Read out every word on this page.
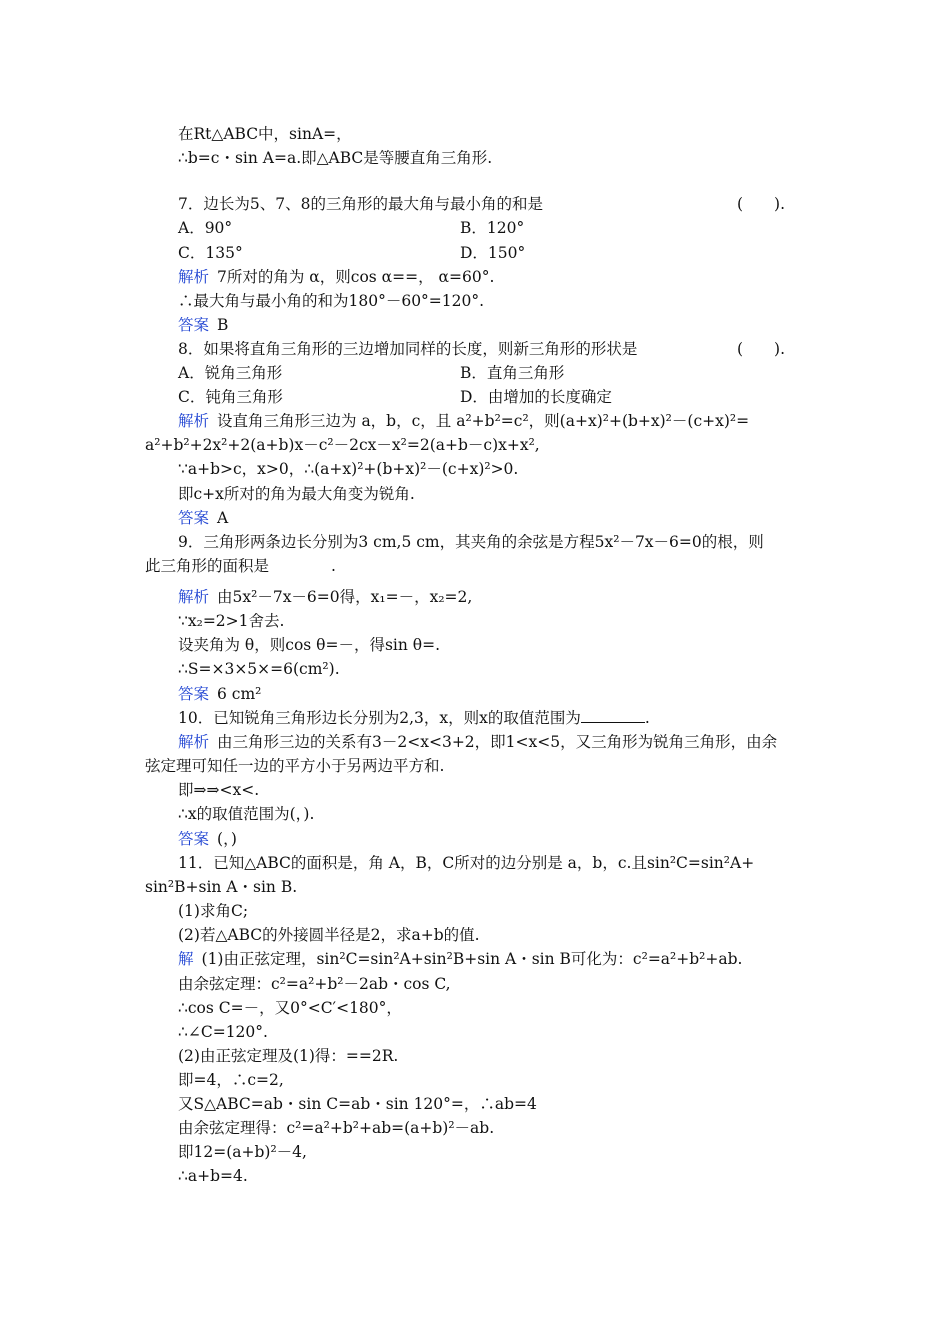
在Rt△ABC中，sinA=，
∴b=c・sin A=a.即△ABC是等腰直角三角形.
7．边长为5、7、8的三角形的最大角与最小角的和是	(　　).
A．90°	B．120°
C．135°	D．150°
解析 7所对的角为 α，则cos α==， α=60°.
∴最大角与最小角的和为180°－60°=120°.
答案 B
8．如果将直角三角形的三边增加同样的长度，则新三角形的形状是	(　　).
A．锐角三角形	B．直角三角形
C．钝角三角形	D．由增加的长度确定
解析 设直角三角形三边为 a，b，c，且 a²+b²=c²，则(a+x)²+(b+x)²－(c+x)²=
a²+b²+2x²+2(a+b)x－c²－2cx－x²=2(a+b－c)x+x²,
∵a+b>c，x>0，∴(a+x)²+(b+x)²－(c+x)²>0.
即c+x所对的角为最大角变为锐角.
答案 A
9．三角形两条边长分别为3 cm,5 cm，其夹角的余弦是方程5x²－7x－6=0的根，则
此三角形的面积是　　　　.
解析 由5x²－7x－6=0得，x₁=－，x₂=2,
∵x₂=2>1舍去.
设夹角为 θ，则cos θ=－，得sin θ=.
∴S=×3×5×=6(cm²).
答案 6 cm²
10．已知锐角三角形边长分别为2,3，x，则x的取值范围为	.
解析 由三角形三边的关系有3－2<x<3+2，即1<x<5，又三角形为锐角三角形，由余
弦定理可知任一边的平方小于另两边平方和.
即⇒⇒<x<.
∴x的取值范围为(，).
答案 (，)
11．已知△ABC的面积是，角 A，B，C所对的边分别是 a，b，c.且sin²C=sin²A+
sin²B+sin A・sin B.
(1)求角C;
(2)若△ABC的外接圆半径是2，求a+b的值.
解 (1)由正弦定理，sin²C=sin²A+sin²B+sin A・sin B可化为：c²=a²+b²+ab.
由余弦定理：c²=a²+b²－2ab・cos C,
∴cos C=－，又0°<C′<180°，
∴∠C=120°.
(2)由正弦定理及(1)得：==2R.
即=4，∴c=2,
又S△ABC=ab・sin C=ab・sin 120°=，∴ab=4
由余弦定理得：c²=a²+b²+ab=(a+b)²－ab.
即12=(a+b)²－4,
∴a+b=4.
